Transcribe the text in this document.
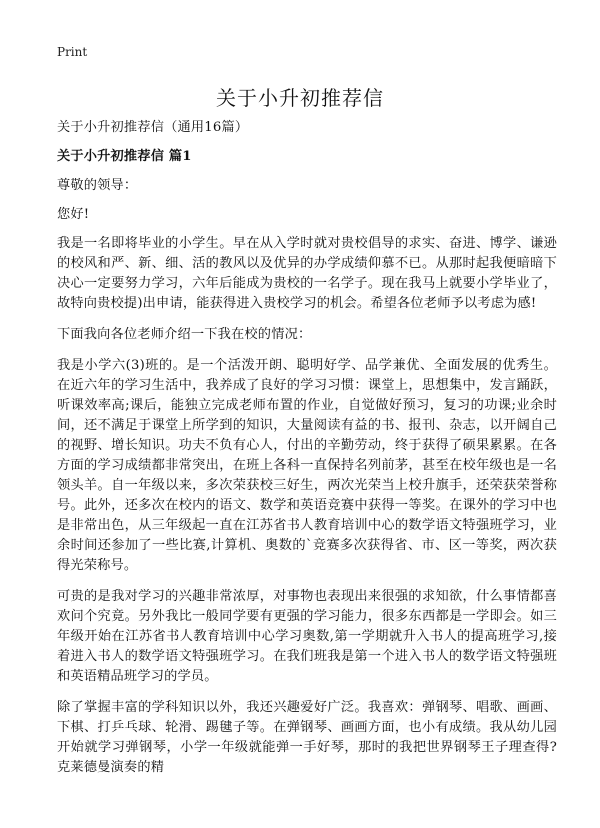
Print
关于小升初推荐信

关于小升初推荐信（通用16篇）

关于小升初推荐信 篇1

尊敬的领导：

您好!

我是一名即将毕业的小学生。早在从入学时就对贵校倡导的求实、奋进、博学、谦逊的校风和严、新、细、活的教风以及优异的办学成绩仰慕不已。从那时起我便暗暗下决心一定要努力学习，六年后能成为贵校的一名学子。现在我马上就要小学毕业了，故特向贵校提)出申请，能获得进入贵校学习的机会。希望各位老师予以考虑为感!

下面我向各位老师介绍一下我在校的情况：

我是小学六(3)班的。是一个活泼开朗、聪明好学、品学兼优、全面发展的优秀生。在近六年的学习生活中，我养成了良好的学习习惯：课堂上，思想集中，发言踊跃，听课效率高;课后，能独立完成老师布置的作业，自觉做好预习，复习的功课;业余时间，还不满足于课堂上所学到的知识，大量阅读有益的书、报刊、杂志，以开阔自己的视野、增长知识。功夫不负有心人，付出的辛勤劳动，终于获得了硕果累累。在各方面的学习成绩都非常突出，在班上各科一直保持名列前茅，甚至在校年级也是一名领头羊。自一年级以来，多次荣获校三好生，两次光荣当上校升旗手，还荣获荣誉称号。此外，还多次在校内的语文、数学和英语竞赛中获得一等奖。在课外的学习中也是非常出色，从三年级起一直在江苏省书人教育培训中心的数学语文特强班学习，业余时间还参加了一些比赛,计算机、奥数的`竞赛多次获得省、市、区一等奖，两次获得光荣称号。

可贵的是我对学习的兴趣非常浓厚，对事物也表现出来很强的求知欲，什么事情都喜欢问个究竟。另外我比一般同学要有更强的学习能力，很多东西都是一学即会。如三年级开始在江苏省书人教育培训中心学习奥数,第一学期就升入书人的提高班学习,接着进入书人的数学语文特强班学习。在我们班我是第一个进入书人的数学语文特强班和英语精品班学习的学员。

除了掌握丰富的学科知识以外，我还兴趣爱好广泛。我喜欢：弹钢琴、唱歌、画画、下棋、打乒乓球、轮滑、踢毽子等。在弹钢琴、画画方面，也小有成绩。我从幼儿园开始就学习弹钢琴，小学一年级就能弹一手好琴，那时的我把世界钢琴王子理查得?克莱德曼演奏的精
